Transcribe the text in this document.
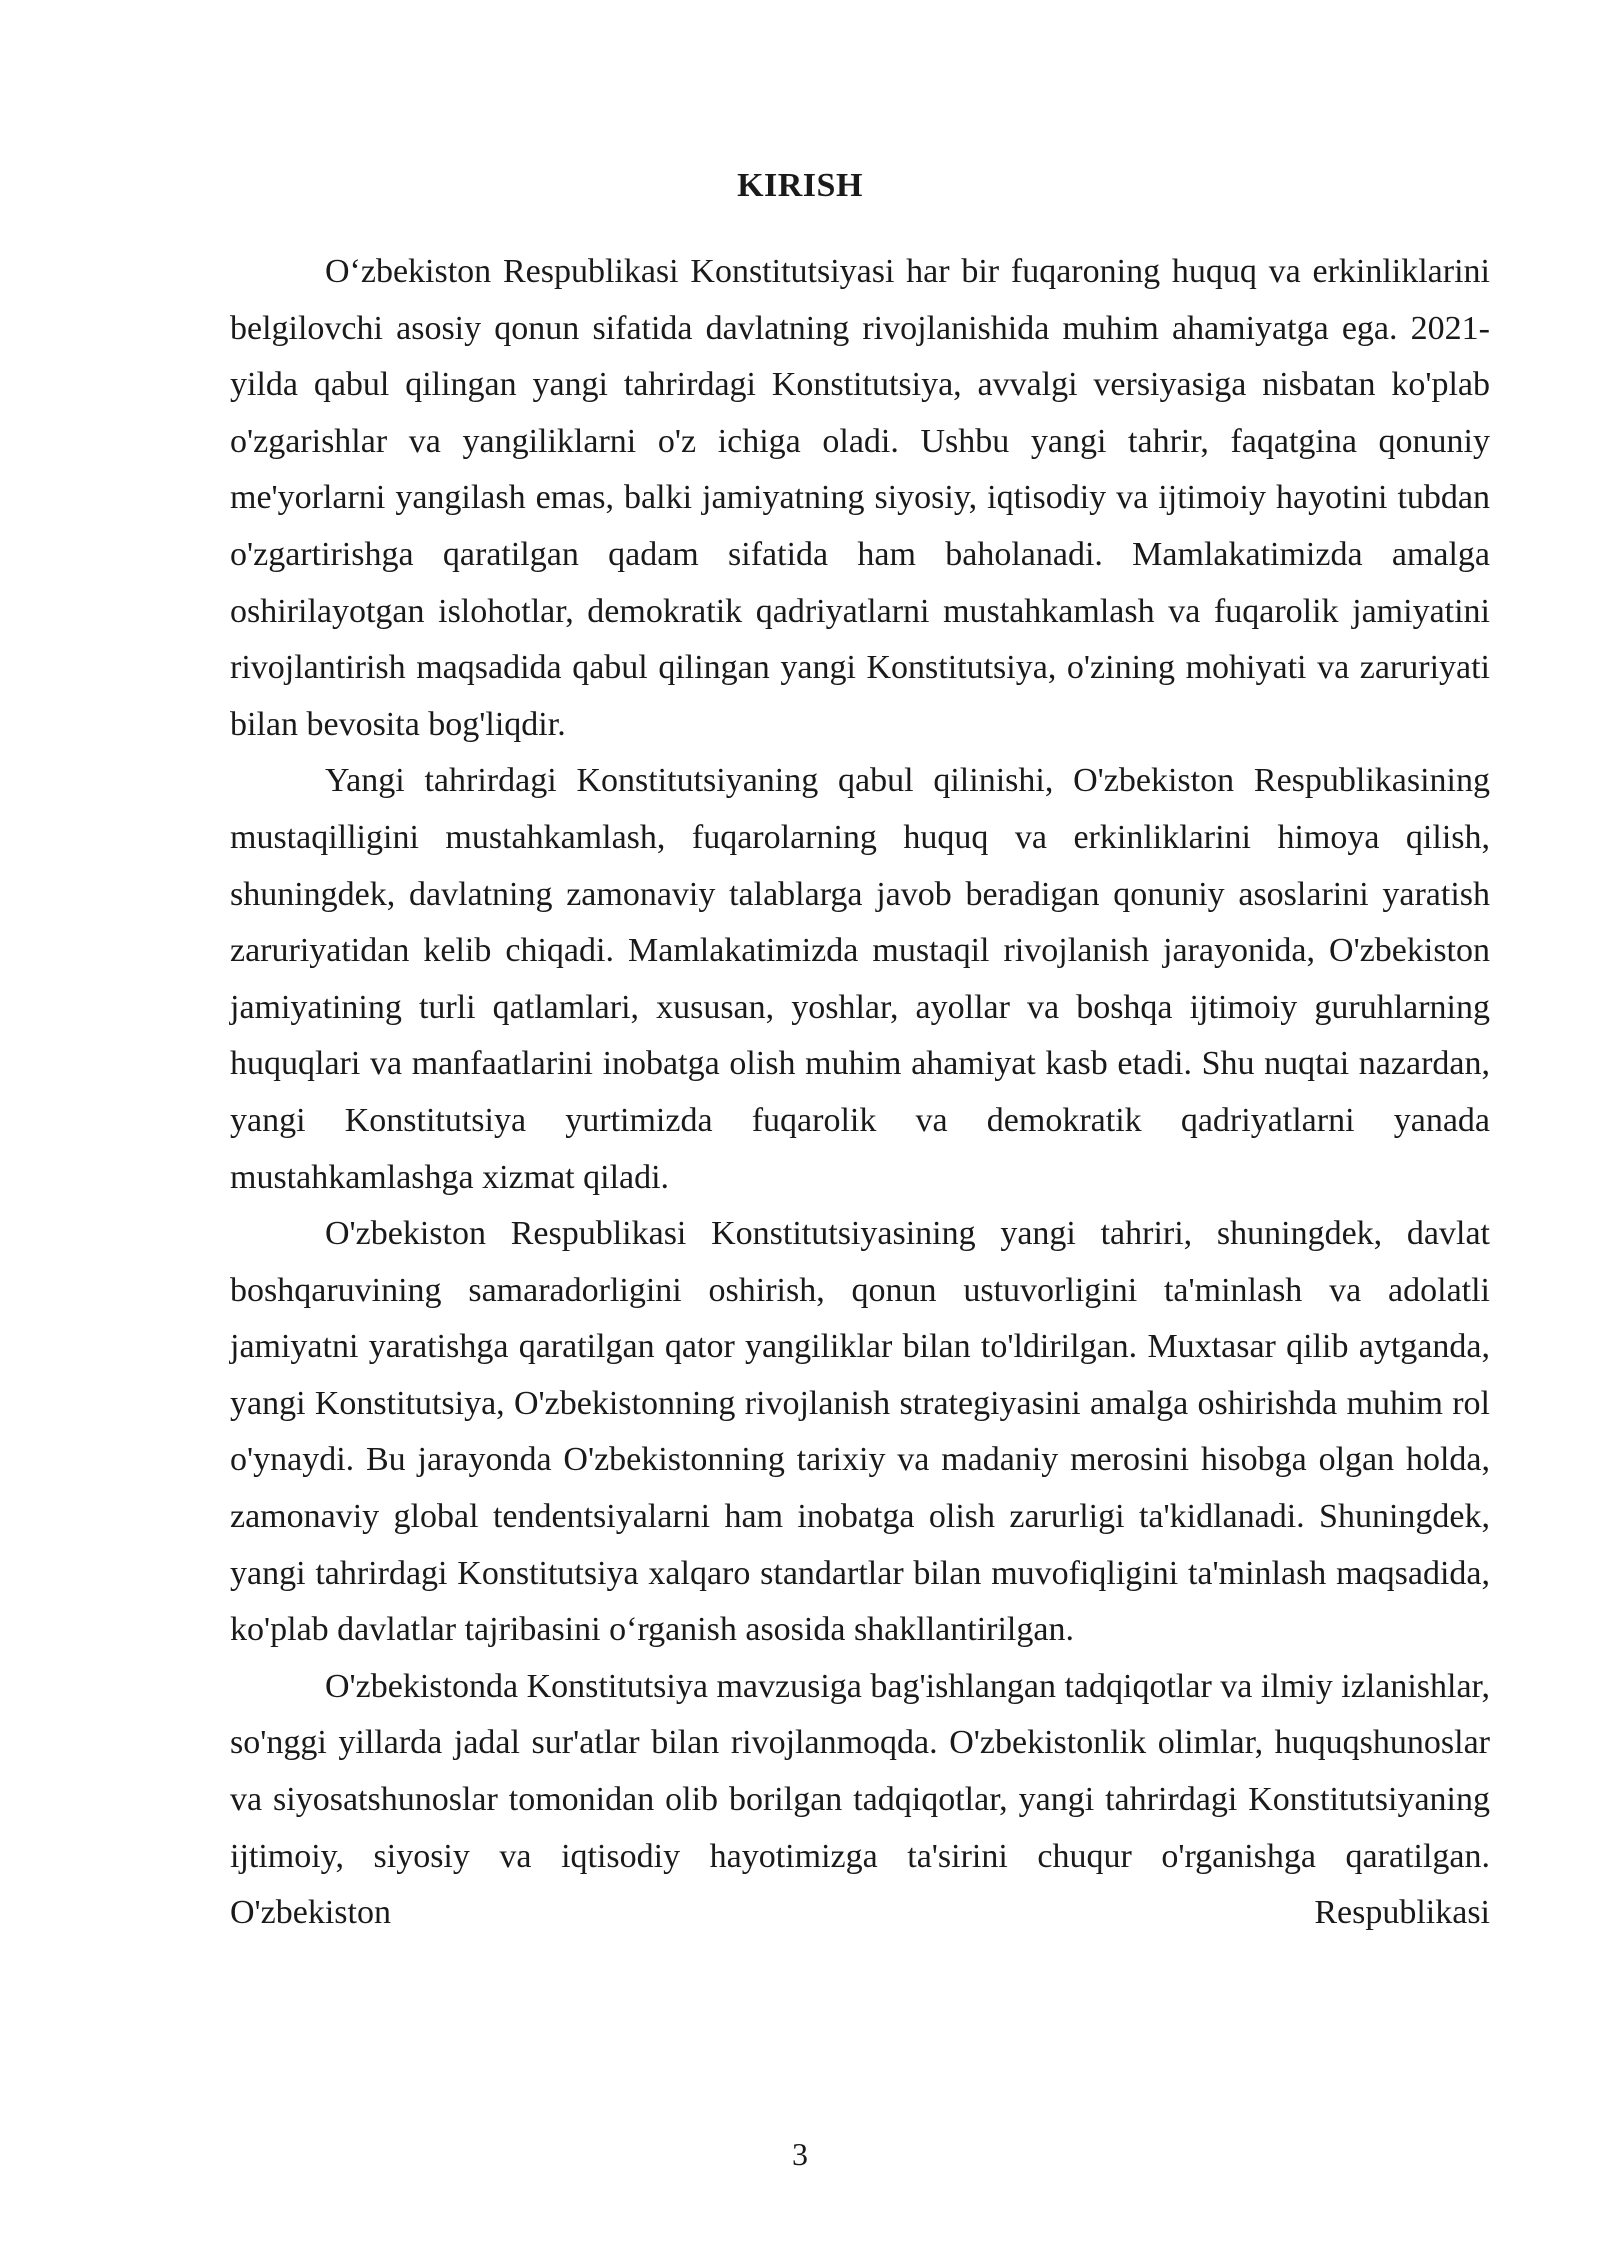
KIRISH

O‘zbekiston Respublikasi Konstitutsiyasi har bir fuqaroning huquq va erkinliklarini belgilovchi asosiy qonun sifatida davlatning rivojlanishida muhim ahamiyatga ega. 2021-yilda qabul qilingan yangi tahrirdagi Konstitutsiya, avvalgi versiyasiga nisbatan ko'plab o'zgarishlar va yangiliklarni o'z ichiga oladi. Ushbu yangi tahrir, faqatgina qonuniy me'yorlarni yangilash emas, balki jamiyatning siyosiy, iqtisodiy va ijtimoiy hayotini tubdan o'zgartirishga qaratilgan qadam sifatida ham baholanadi. Mamlakatimizda amalga oshirilayotgan islohotlar, demokratik qadriyatlarni mustahkamlash va fuqarolik jamiyatini rivojlantirish maqsadida qabul qilingan yangi Konstitutsiya, o'zining mohiyati va zaruriyati bilan bevosita bog'liqdir.

Yangi tahrirdagi Konstitutsiyaning qabul qilinishi, O'zbekiston Respublikasining mustaqilligini mustahkamlash, fuqarolarning huquq va erkinliklarini himoya qilish, shuningdek, davlatning zamonaviy talablarga javob beradigan qonuniy asoslarini yaratish zaruriyatidan kelib chiqadi. Mamlakatimizda mustaqil rivojlanish jarayonida, O'zbekiston jamiyatining turli qatlamlari, xususan, yoshlar, ayollar va boshqa ijtimoiy guruhlarning huquqlari va manfaatlarini inobatga olish muhim ahamiyat kasb etadi. Shu nuqtai nazardan, yangi Konstitutsiya yurtimizda fuqarolik va demokratik qadriyatlarni yanada mustahkamlashga xizmat qiladi.

O'zbekiston Respublikasi Konstitutsiyasining yangi tahriri, shuningdek, davlat boshqaruvining samaradorligini oshirish, qonun ustuvorligini ta'minlash va adolatli jamiyatni yaratishga qaratilgan qator yangiliklar bilan to'ldirilgan. Muxtasar qilib aytganda, yangi Konstitutsiya, O'zbekistonning rivojlanish strategiyasini amalga oshirishda muhim rol o'ynaydi. Bu jarayonda O'zbekistonning tarixiy va madaniy merosini hisobga olgan holda, zamonaviy global tendentsiyalarni ham inobatga olish zarurligi ta'kidlanadi. Shuningdek, yangi tahrirdagi Konstitutsiya xalqaro standartlar bilan muvofiqligini ta'minlash maqsadida, ko'plab davlatlar tajribasini o‘rganish asosida shakllantirilgan.

O'zbekistonda Konstitutsiya mavzusiga bag'ishlangan tadqiqotlar va ilmiy izlanishlar, so'nggi yillarda jadal sur'atlar bilan rivojlanmoqda. O'zbekistonlik olimlar, huquqshunoslar va siyosatshunoslar tomonidan olib borilgan tadqiqotlar, yangi tahrirdagi Konstitutsiyaning ijtimoiy, siyosiy va iqtisodiy hayotimizga ta'sirini chuqur o'rganishga qaratilgan. O'zbekiston Respublikasi

3
